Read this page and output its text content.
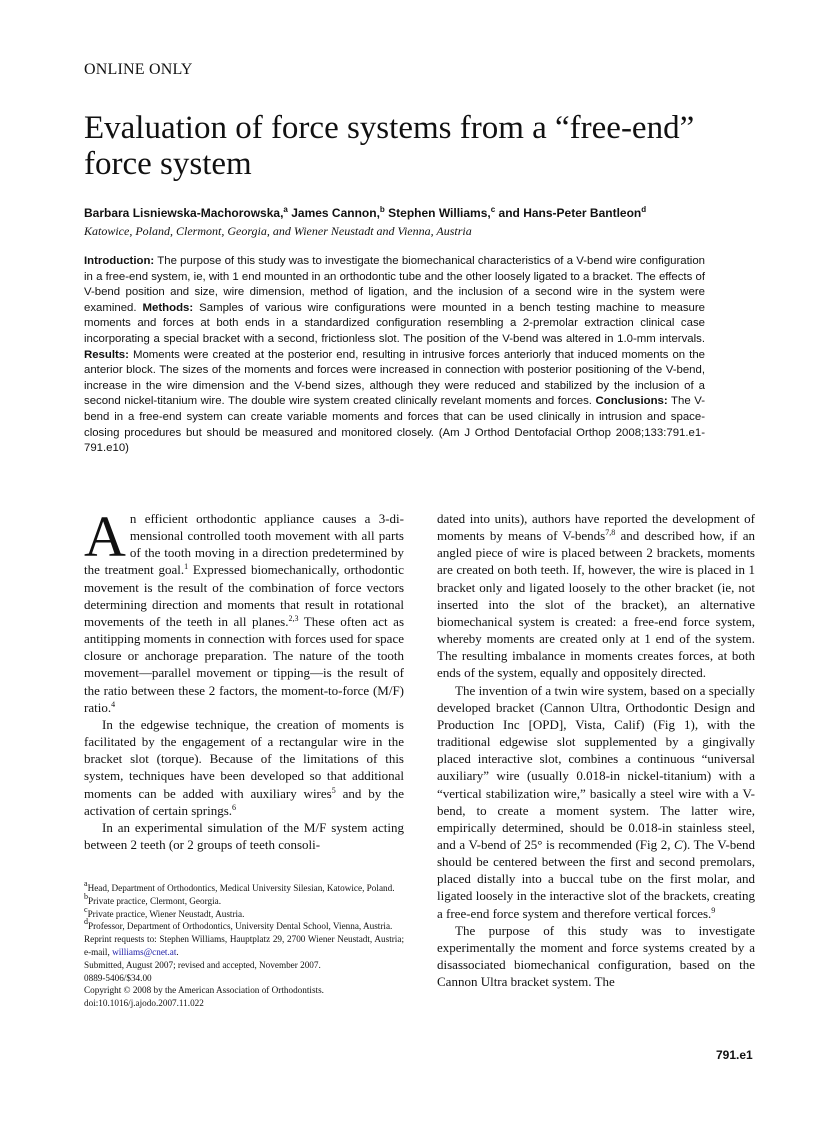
ONLINE ONLY
Evaluation of force systems from a “free-end” force system
Barbara Lisniewska-Machorowska,$^a$ James Cannon,$^b$ Stephen Williams,$^c$ and Hans-Peter Bantleon$^d$
Katowice, Poland, Clermont, Georgia, and Wiener Neustadt and Vienna, Austria
Introduction: The purpose of this study was to investigate the biomechanical characteristics of a V-bend wire configuration in a free-end system, ie, with 1 end mounted in an orthodontic tube and the other loosely ligated to a bracket. The effects of V-bend position and size, wire dimension, method of ligation, and the inclusion of a second wire in the system were examined. Methods: Samples of various wire configurations were mounted in a bench testing machine to measure moments and forces at both ends in a standardized configuration resembling a 2-premolar extraction clinical case incorporating a special bracket with a second, frictionless slot. The position of the V-bend was altered in 1.0-mm intervals. Results: Moments were created at the posterior end, resulting in intrusive forces anteriorly that induced moments on the anterior block. The sizes of the moments and forces were increased in connection with posterior positioning of the V-bend, increase in the wire dimension and the V-bend sizes, although they were reduced and stabilized by the inclusion of a second nickel-titanium wire. The double wire system created clinically revelant moments and forces. Conclusions: The V-bend in a free-end system can create variable moments and forces that can be used clinically in intrusion and space-closing procedures but should be measured and monitored closely. (Am J Orthod Dentofacial Orthop 2008;133:791.e1-791.e10)

An efficient orthodontic appliance causes a 3-dimensional controlled tooth movement with all parts of the tooth moving in a direction predetermined by the treatment goal.$^1$ Expressed biomechanically, orthodontic movement is the result of the combination of force vectors determining direction and moments that result in rotational movements of the teeth in all planes.$^{2,3}$ These often act as antitipping moments in connection with forces used for space closure or anchorage preparation. The nature of the tooth movement—parallel movement or tipping—is the result of the ratio between these 2 factors, the moment-to-force (M/F) ratio.$^4$

In the edgewise technique, the creation of moments is facilitated by the engagement of a rectangular wire in the bracket slot (torque). Because of the limitations of this system, techniques have been developed so that additional moments can be added with auxiliary wires$^5$ and by the activation of certain springs.$^6$

In an experimental simulation of the M/F system acting between 2 teeth (or 2 groups of teeth consoli-

dated into units), authors have reported the development of moments by means of V-bends$^{7,8}$ and described how, if an angled piece of wire is placed between 2 brackets, moments are created on both teeth. If, however, the wire is placed in 1 bracket only and ligated loosely to the other bracket (ie, not inserted into the slot of the bracket), an alternative biomechanical system is created: a free-end force system, whereby moments are created only at 1 end of the system. The resulting imbalance in moments creates forces, at both ends of the system, equally and oppositely directed.

The invention of a twin wire system, based on a specially developed bracket (Cannon Ultra, Orthodontic Design and Production Inc [OPD], Vista, Calif) (Fig 1), with the traditional edgewise slot supplemented by a gingivally placed interactive slot, combines a continuous “universal auxiliary” wire (usually 0.018-in nickel-titanium) with a “vertical stabilization wire,” basically a steel wire with a V-bend, to create a moment system. The latter wire, empirically determined, should be 0.018-in stainless steel, and a V-bend of 25° is recommended (Fig 2, C). The V-bend should be centered between the first and second premolars, placed distally into a buccal tube on the first molar, and ligated loosely in the interactive slot of the brackets, creating a free-end force system and therefore vertical forces.$^9$

The purpose of this study was to investigate experimentally the moment and force systems created by a disassociated biomechanical configuration, based on the Cannon Ultra bracket system. The

$^a$Head, Department of Orthodontics, Medical University Silesian, Katowice, Poland.
$^b$Private practice, Clermont, Georgia.
$^c$Private practice, Wiener Neustadt, Austria.
$^d$Professor, Department of Orthodontics, University Dental School, Vienna, Austria.
Reprint requests to: Stephen Williams, Hauptplatz 29, 2700 Wiener Neustadt, Austria; e-mail, williams@cnet.at.
Submitted, August 2007; revised and accepted, November 2007.
0889-5406/$34.00
Copyright © 2008 by the American Association of Orthodontists.
doi:10.1016/j.ajodo.2007.11.022
791.e1
